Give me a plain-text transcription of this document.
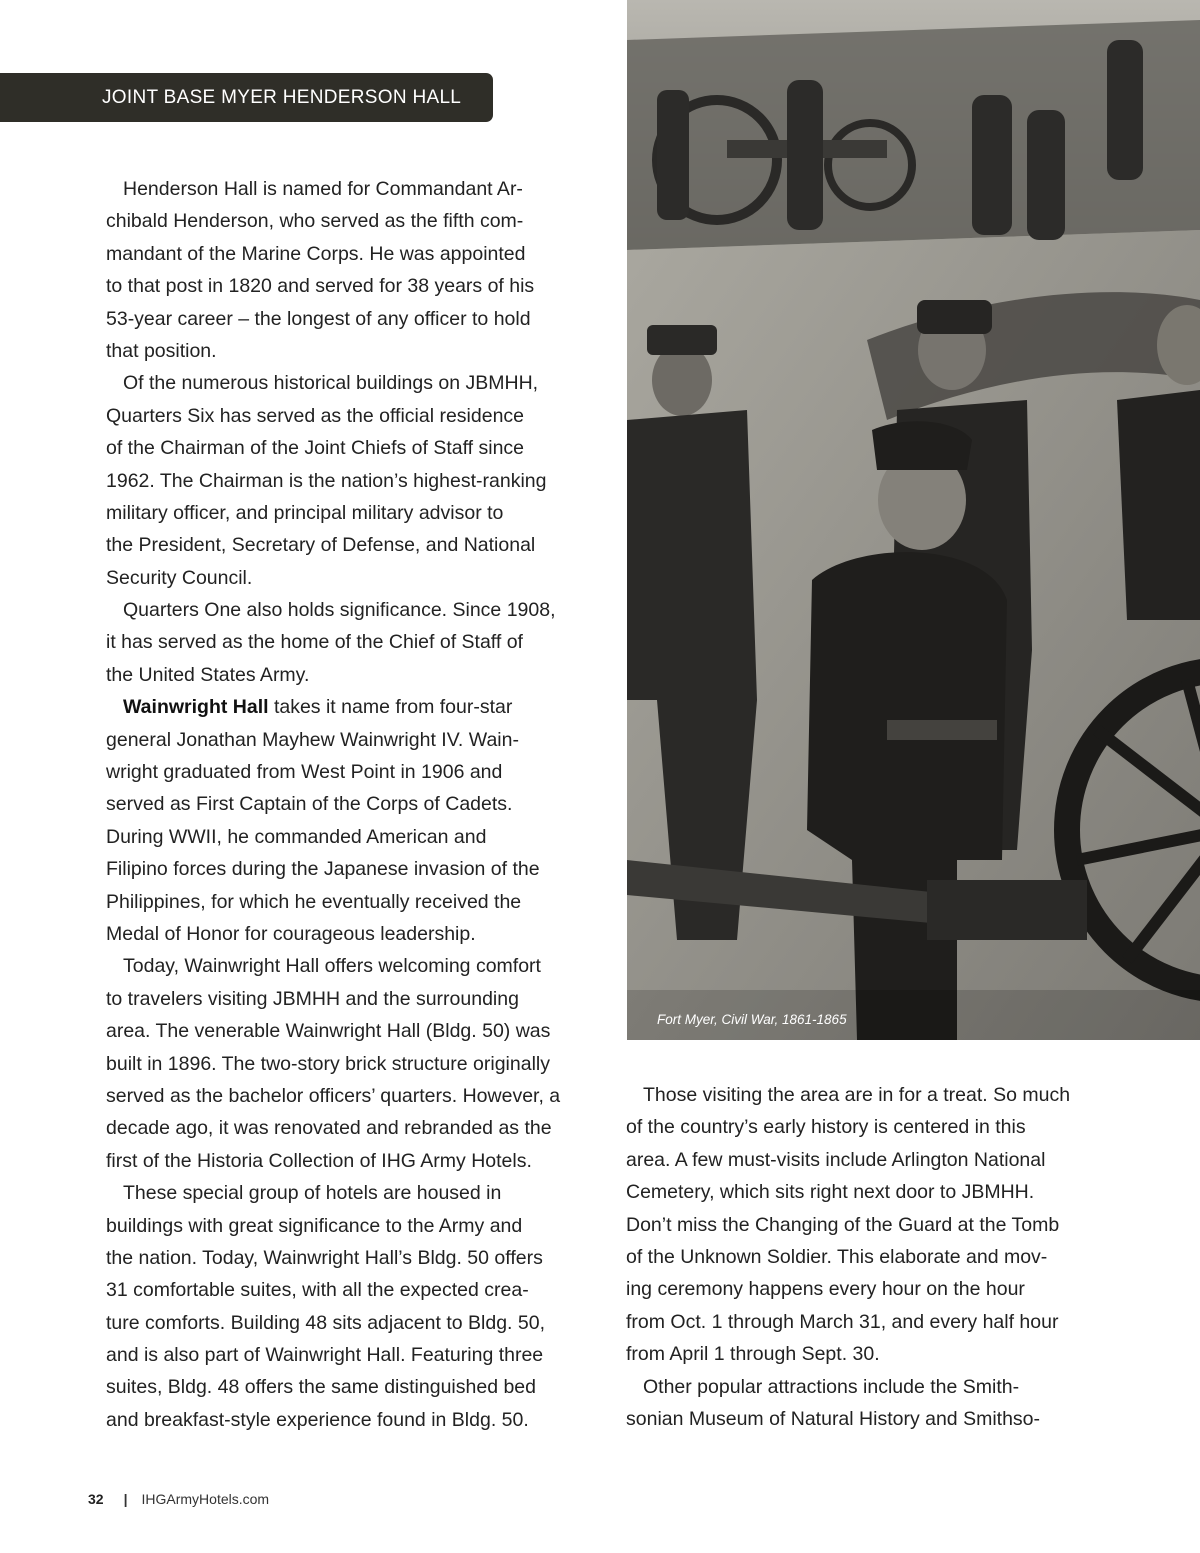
JOINT BASE MYER HENDERSON HALL
Henderson Hall is named for Commandant Ar-
chibald Henderson, who served as the fifth com-
mandant of the Marine Corps. He was appointed
to that post in 1820 and served for 38 years of his
53-year career – the longest of any officer to hold
that position.
Of the numerous historical buildings on JBMHH,
Quarters Six has served as the official residence
of the Chairman of the Joint Chiefs of Staff since
1962. The Chairman is the nation’s highest-ranking
military officer, and principal military advisor to
the President, Secretary of Defense, and National
Security Council.
Quarters One also holds significance. Since 1908,
it has served as the home of the Chief of Staff of
the United States Army.
Wainwright Hall takes it name from four-star
general Jonathan Mayhew Wainwright IV. Wain-
wright graduated from West Point in 1906 and
served as First Captain of the Corps of Cadets.
During WWII, he commanded American and
Filipino forces during the Japanese invasion of the
Philippines, for which he eventually received the
Medal of Honor for courageous leadership.
Today, Wainwright Hall offers welcoming comfort
to travelers visiting JBMHH and the surrounding
area. The venerable Wainwright Hall (Bldg. 50) was
built in 1896. The two-story brick structure originally
served as the bachelor officers’ quarters. However, a
decade ago, it was renovated and rebranded as the
first of the Historia Collection of IHG Army Hotels.
These special group of hotels are housed in
buildings with great significance to the Army and
the nation. Today, Wainwright Hall’s Bldg. 50 offers
31 comfortable suites, with all the expected crea-
ture comforts. Building 48 sits adjacent to Bldg. 50,
and is also part of Wainwright Hall. Featuring three
suites, Bldg. 48 offers the same distinguished bed
and breakfast-style experience found in Bldg. 50.
Fort Myer, Civil War, 1861-1865
Those visiting the area are in for a treat. So much
of the country’s early history is centered in this
area. A few must-visits include Arlington National
Cemetery, which sits right next door to JBMHH.
Don’t miss the Changing of the Guard at the Tomb
of the Unknown Soldier. This elaborate and mov-
ing ceremony happens every hour on the hour
from Oct. 1 through March 31, and every half hour
from April 1 through Sept. 30.
Other popular attractions include the Smith-
sonian Museum of Natural History and Smithso-
32 | IHGArmyHotels.com
